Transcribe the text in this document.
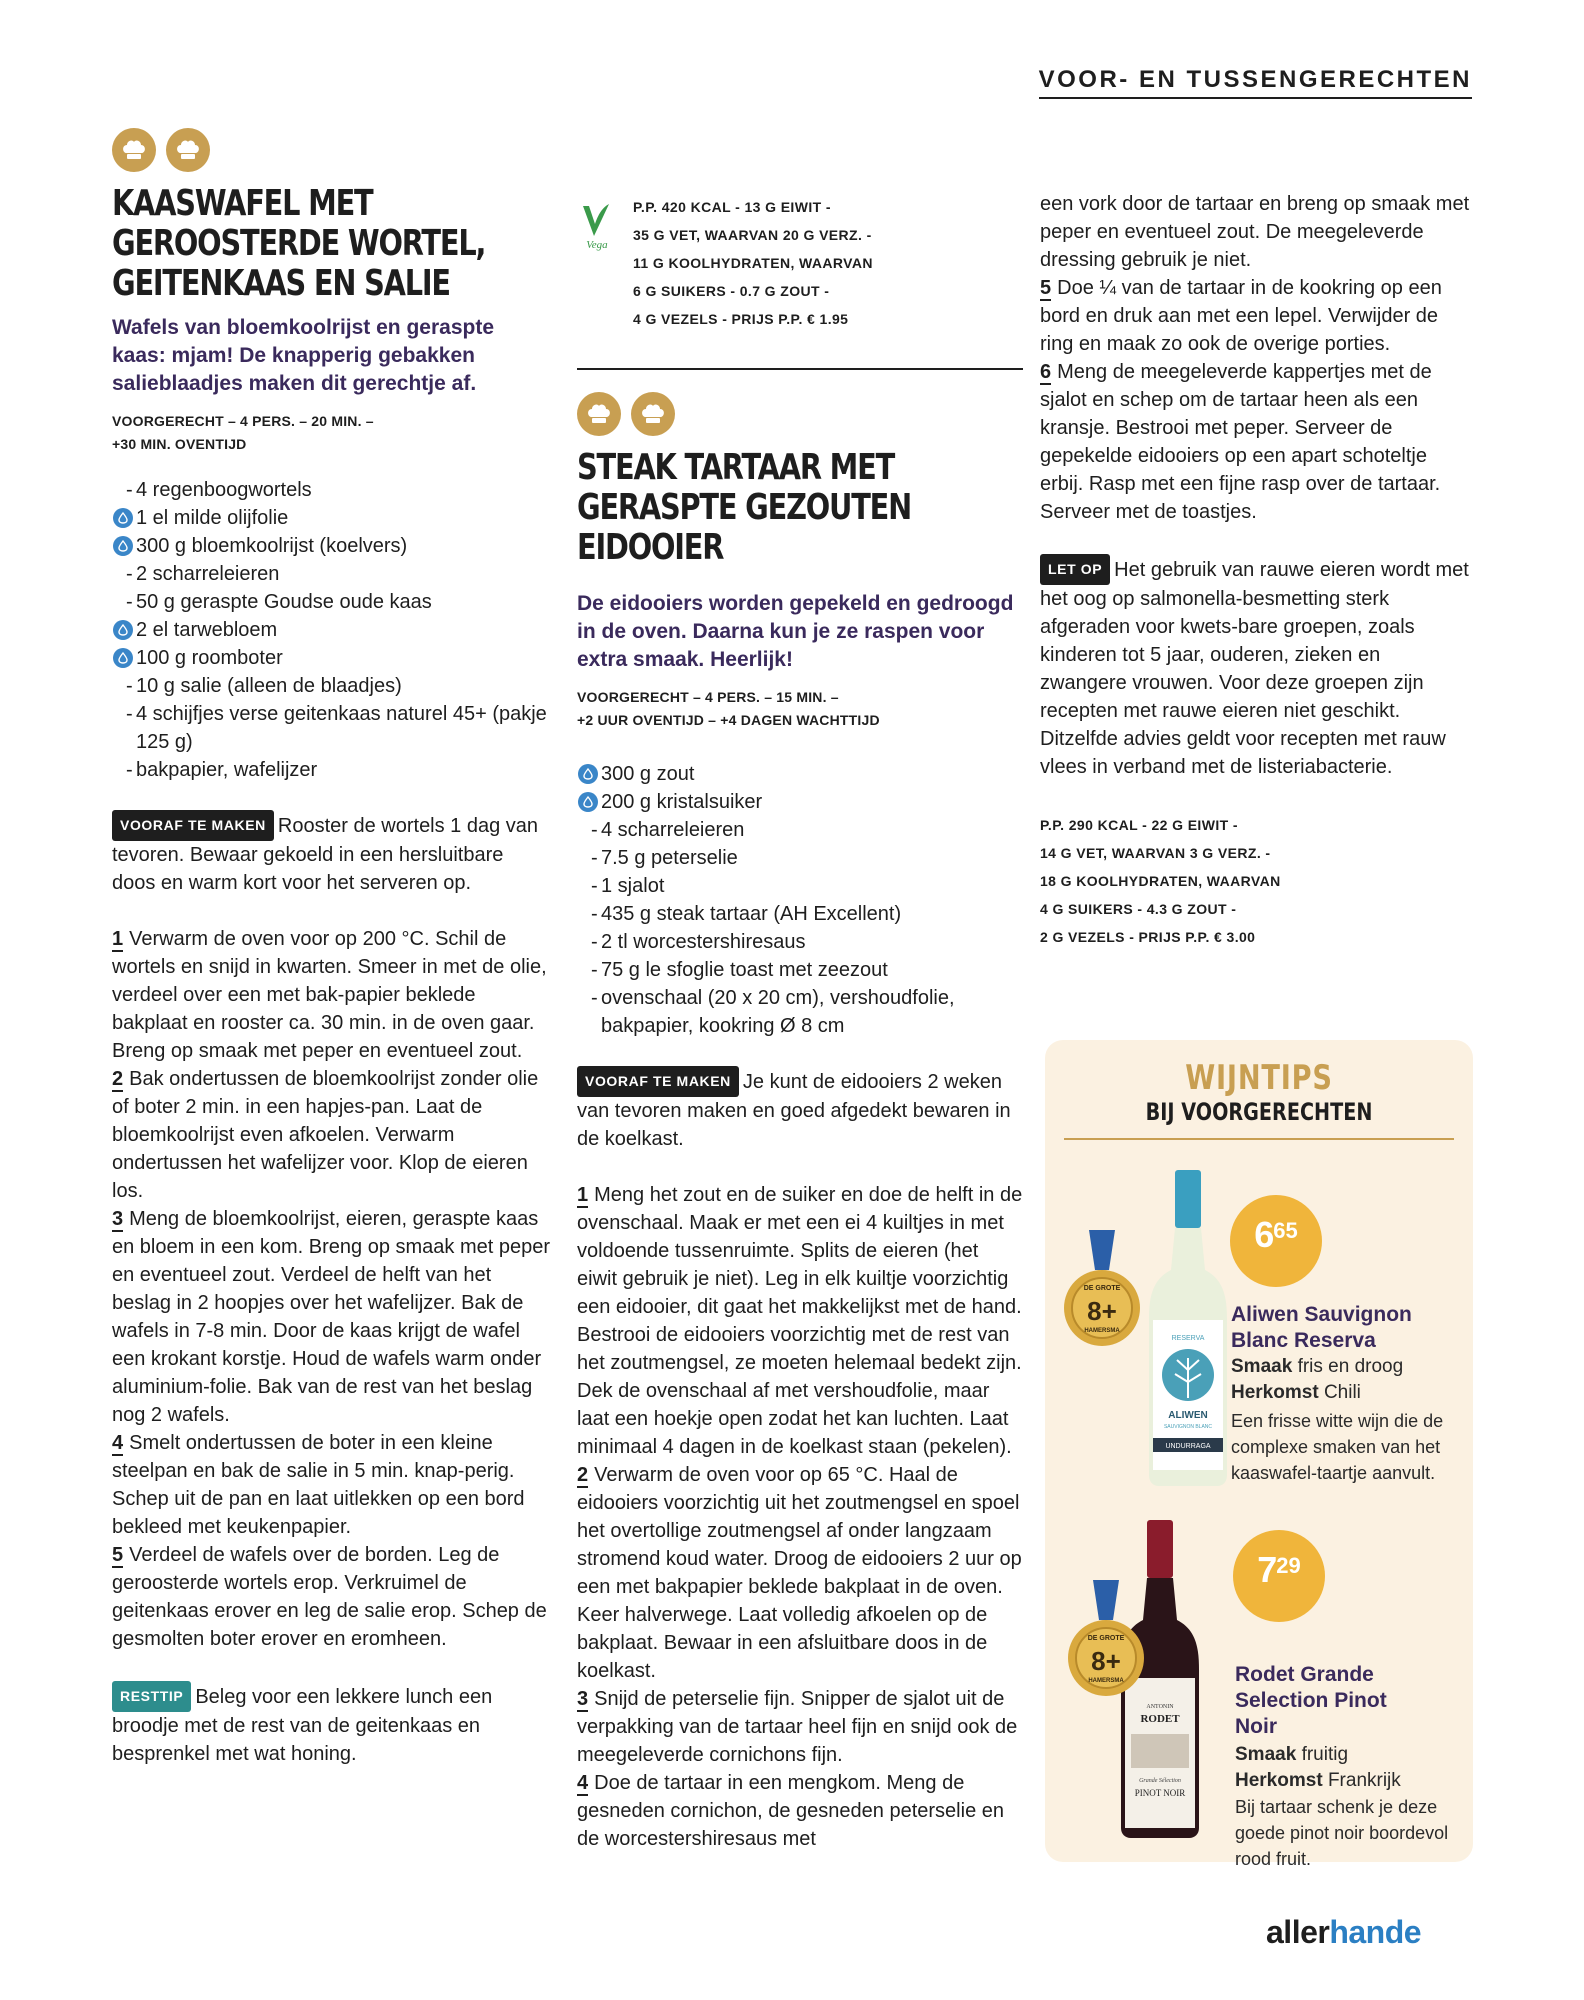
VOOR- EN TUSSENGERECHTEN
KAASWAFEL MET GEROOSTERDE WORTEL, GEITENKAAS EN SALIE
Wafels van bloemkoolrijst en geraspte kaas: mjam! De knapperig gebakken salieblaadjes maken dit gerechtje af.
VOORGERECHT – 4 PERS. – 20 MIN. –
+30 MIN. OVENTIJD
- 4 regenboogwortels
1 el milde olijfolie
300 g bloemkoolrijst (koelvers)
- 2 scharreleieren
- 50 g geraspte Goudse oude kaas
2 el tarwebloem
100 g roomboter
- 10 g salie (alleen de blaadjes)
- 4 schijfjes verse geitenkaas naturel 45+ (pakje 125 g)
- bakpapier, wafelijzer
VOORAF TE MAKEN Rooster de wortels 1 dag van tevoren. Bewaar gekoeld in een hersluitbare doos en warm kort voor het serveren op.
1 Verwarm de oven voor op 200 °C. Schil de wortels en snijd in kwarten. Smeer in met de olie, verdeel over een met bak-papier beklede bakplaat en rooster ca. 30 min. in de oven gaar. Breng op smaak met peper en eventueel zout.
2 Bak ondertussen de bloemkoolrijst zonder olie of boter 2 min. in een hapjes-pan. Laat de bloemkoolrijst even afkoelen. Verwarm ondertussen het wafelijzer voor. Klop de eieren los.
3 Meng de bloemkoolrijst, eieren, geraspte kaas en bloem in een kom. Breng op smaak met peper en eventueel zout. Verdeel de helft van het beslag in 2 hoopjes over het wafelijzer. Bak de wafels in 7-8 min. Door de kaas krijgt de wafel een krokant korstje. Houd de wafels warm onder aluminium-folie. Bak van de rest van het beslag nog 2 wafels.
4 Smelt ondertussen de boter in een kleine steelpan en bak de salie in 5 min. knap-perig. Schep uit de pan en laat uitlekken op een bord bekleed met keukenpapier.
5 Verdeel de wafels over de borden. Leg de geroosterde wortels erop. Verkruimel de geitenkaas erover en leg de salie erop. Schep de gesmolten boter erover en eromheen.
RESTTIP Beleg voor een lekkere lunch een broodje met de rest van de geitenkaas en besprenkel met wat honing.
Vega
P.P. 420 KCAL - 13 G EIWIT -
35 G VET, WAARVAN 20 G VERZ. -
11 G KOOLHYDRATEN, WAARVAN
6 G SUIKERS - 0.7 G ZOUT -
4 G VEZELS - PRIJS P.P. € 1.95
STEAK TARTAAR MET GERASPTE GEZOUTEN EIDOOIER
De eidooiers worden gepekeld en gedroogd in de oven. Daarna kun je ze raspen voor extra smaak. Heerlijk!
VOORGERECHT – 4 PERS. – 15 MIN. –
+2 UUR OVENTIJD – +4 DAGEN WACHTTIJD
300 g zout
200 g kristalsuiker
- 4 scharreleieren
- 7.5 g peterselie
- 1 sjalot
- 435 g steak tartaar (AH Excellent)
- 2 tl worcestershiresaus
- 75 g le sfoglie toast met zeezout
- ovenschaal (20 x 20 cm), vershoudfolie, bakpapier, kookring Ø 8 cm
VOORAF TE MAKEN Je kunt de eidooiers 2 weken van tevoren maken en goed afgedekt bewaren in de koelkast.
1 Meng het zout en de suiker en doe de helft in de ovenschaal. Maak er met een ei 4 kuiltjes in met voldoende tussenruimte. Splits de eieren (het eiwit gebruik je niet). Leg in elk kuiltje voorzichtig een eidooier, dit gaat het makkelijkst met de hand. Bestrooi de eidooiers voorzichtig met de rest van het zoutmengsel, ze moeten helemaal bedekt zijn. Dek de ovenschaal af met vershoudfolie, maar laat een hoekje open zodat het kan luchten. Laat minimaal 4 dagen in de koelkast staan (pekelen).
2 Verwarm de oven voor op 65 °C. Haal de eidooiers voorzichtig uit het zoutmengsel en spoel het overtollige zoutmengsel af onder langzaam stromend koud water. Droog de eidooiers 2 uur op een met bakpapier beklede bakplaat in de oven. Keer halverwege. Laat volledig afkoelen op de bakplaat. Bewaar in een afsluitbare doos in de koelkast.
3 Snijd de peterselie fijn. Snipper de sjalot uit de verpakking van de tartaar heel fijn en snijd ook de meegeleverde cornichons fijn.
4 Doe de tartaar in een mengkom. Meng de gesneden cornichon, de gesneden peterselie en de worcestershiresaus met
een vork door de tartaar en breng op smaak met peper en eventueel zout. De meegeleverde dressing gebruik je niet.
5 Doe ¼ van de tartaar in de kookring op een bord en druk aan met een lepel. Verwijder de ring en maak zo ook de overige porties.
6 Meng de meegeleverde kappertjes met de sjalot en schep om de tartaar heen als een kransje. Bestrooi met peper. Serveer de gepekelde eidooiers op een apart schoteltje erbij. Rasp met een fijne rasp over de tartaar. Serveer met de toastjes.
LET OP Het gebruik van rauwe eieren wordt met het oog op salmonella-besmetting sterk afgeraden voor kwets-bare groepen, zoals kinderen tot 5 jaar, ouderen, zieken en zwangere vrouwen. Voor deze groepen zijn recepten met rauwe eieren niet geschikt. Ditzelfde advies geldt voor recepten met rauw vlees in verband met de listeriabacterie.
P.P. 290 KCAL - 22 G EIWIT -
14 G VET, WAARVAN 3 G VERZ. -
18 G KOOLHYDRATEN, WAARVAN
4 G SUIKERS - 4.3 G ZOUT -
2 G VEZELS - PRIJS P.P. € 3.00
WIJNTIPS
BIJ VOORGERECHTEN
RESERVA
ALIWEN
SAUVIGNON BLANC
UNDURRAGA
DE GROTE
8+
HAMERSMA
6 65
Aliwen Sauvignon Blanc Reserva
Smaak fris en droog
Herkomst Chili
Een frisse witte wijn die de complexe smaken van het kaaswafel-taartje aanvult.
ANTONIN
RODET
Grande Sélection
PINOT NOIR
DE GROTE
8+
HAMERSMA
7 29
Rodet Grande Selection Pinot Noir
Smaak fruitig
Herkomst Frankrijk
Bij tartaar schenk je deze goede pinot noir boordevol rood fruit.
allerhande
